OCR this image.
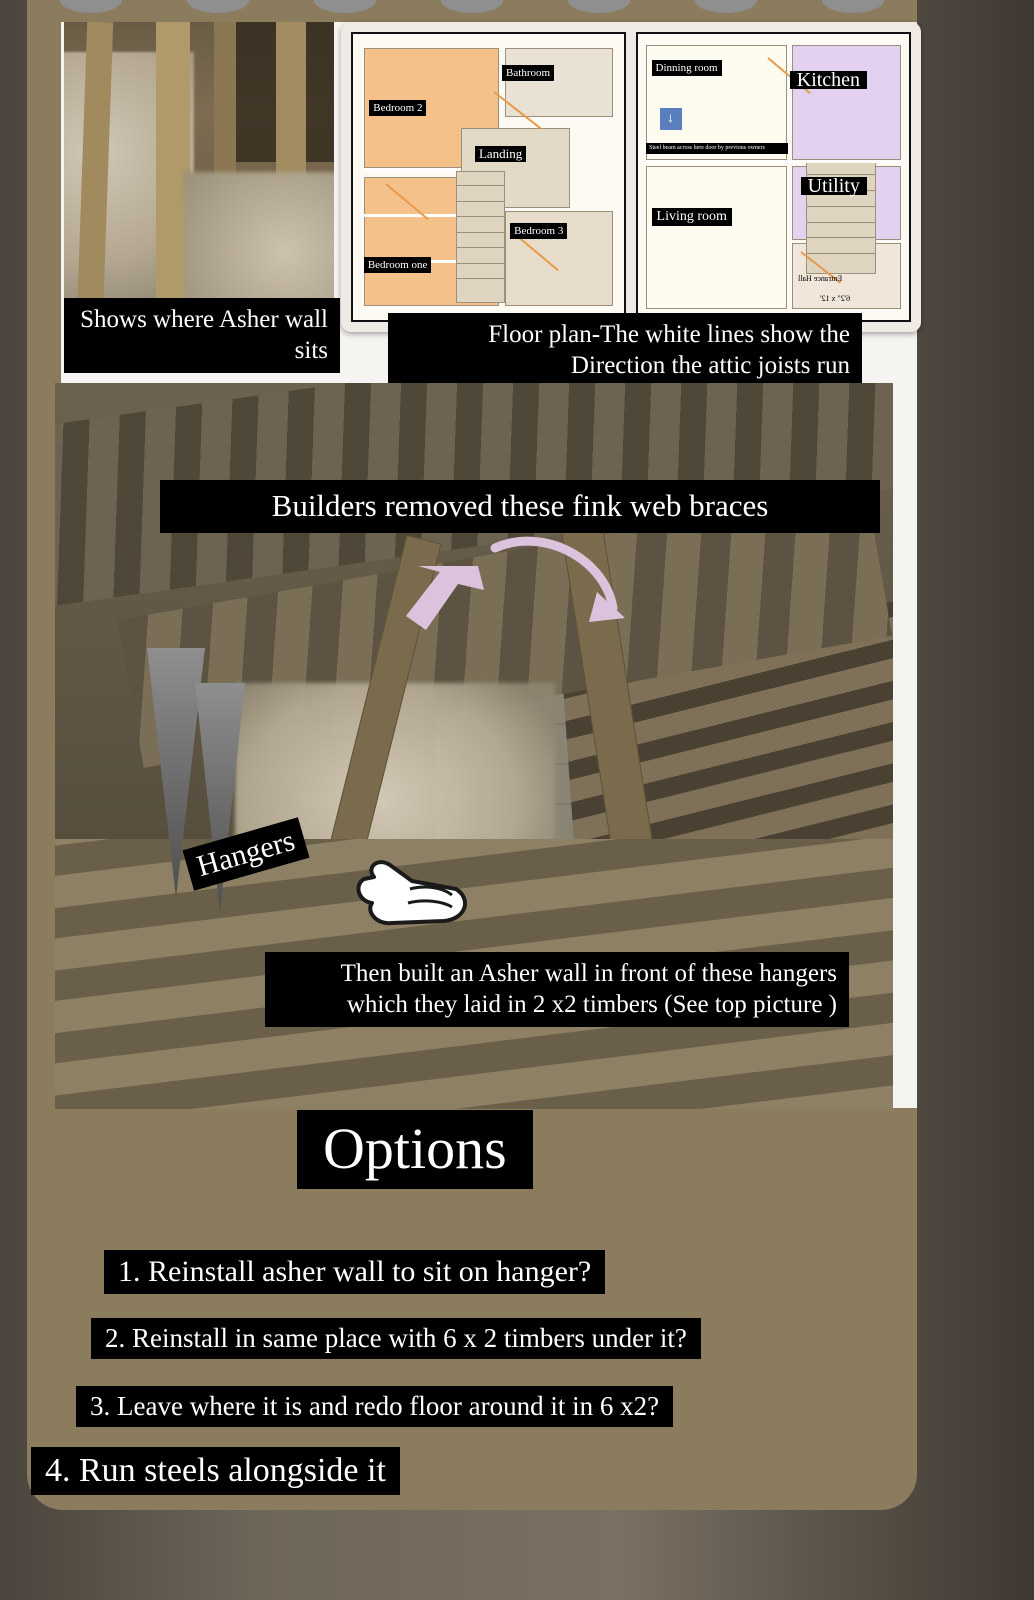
Bedroom 2
Bathroom
Landing
Bedroom 3
Bedroom one
↓
Steel beam across here door by previous owners
Dinning room
Kitchen
Living room
Utility
Entrance Hall
6'2" x 12'
Shows where Asher wall sits
Floor plan-The white lines show the Direction the attic joists run
Builders removed these fink web braces
Hangers
Then built an Asher wall in front of these hangers which they laid in 2 x2 timbers (See top picture )
Options
1. Reinstall asher wall to sit on hanger?
2. Reinstall in same place with 6 x 2 timbers under it?
3. Leave where it is and redo floor around it in 6 x2?
4. Run steels alongside it
